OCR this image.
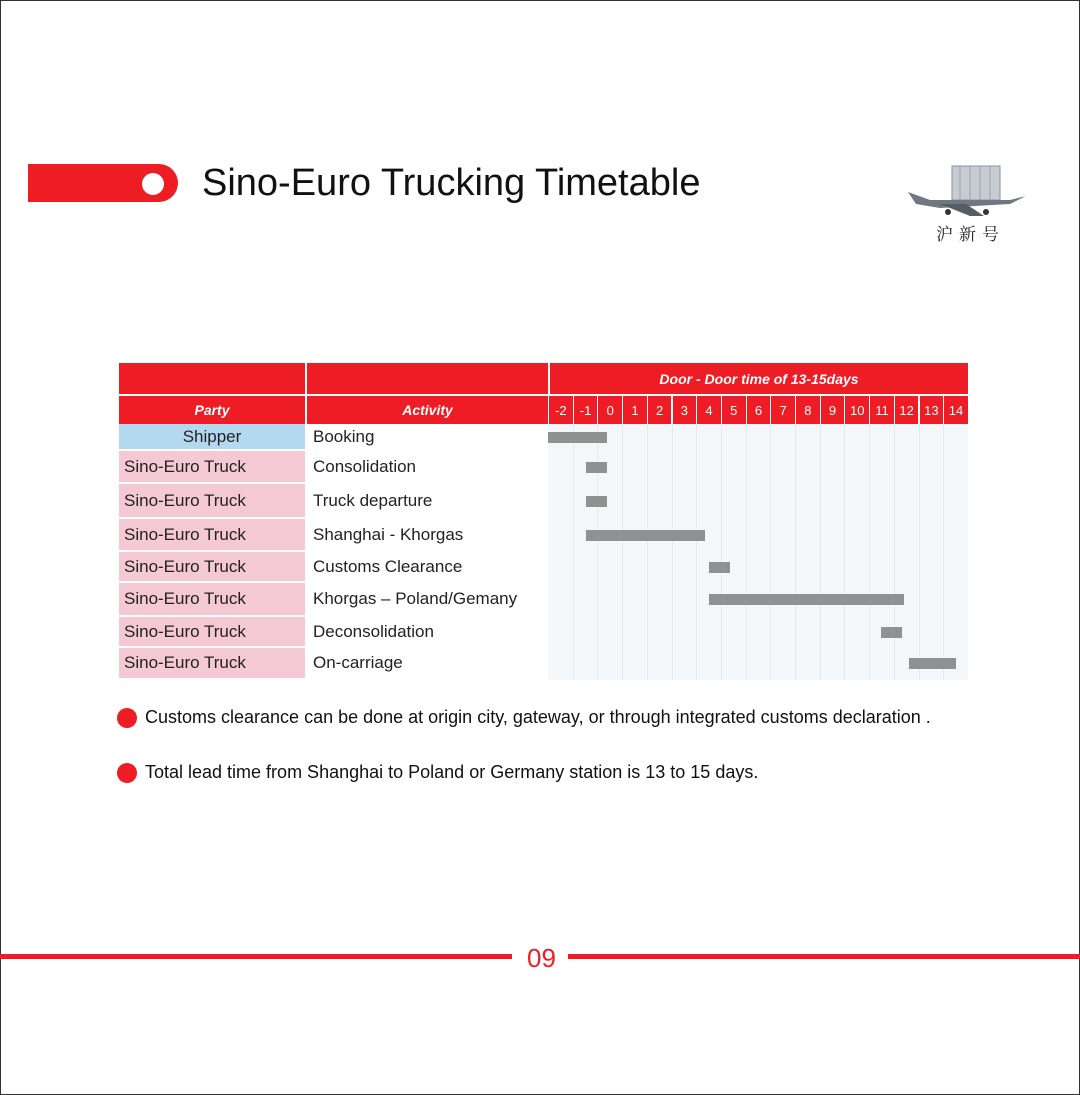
Sino-Euro Trucking Timetable
沪新号
Door - Door time of 13-15days
Party	Activity	-2	-1	0	1	2	3	4	5	6	7	8	9	10 11 12 13 14
Shipper	Booking
Sino-Euro Truck	Consolidation
Sino-Euro Truck	Truck departure
Sino-Euro Truck	Shanghai - Khorgas
Sino-Euro Truck	Customs Clearance
Sino-Euro Truck	Khorgas – Poland/Gemany
Sino-Euro Truck	Deconsolidation
Sino-Euro Truck	On-carriage
Customs clearance can be done at origin city, gateway, or through integrated customs declaration .
Total lead time from Shanghai to Poland or Germany station is 13 to 15 days.
09
